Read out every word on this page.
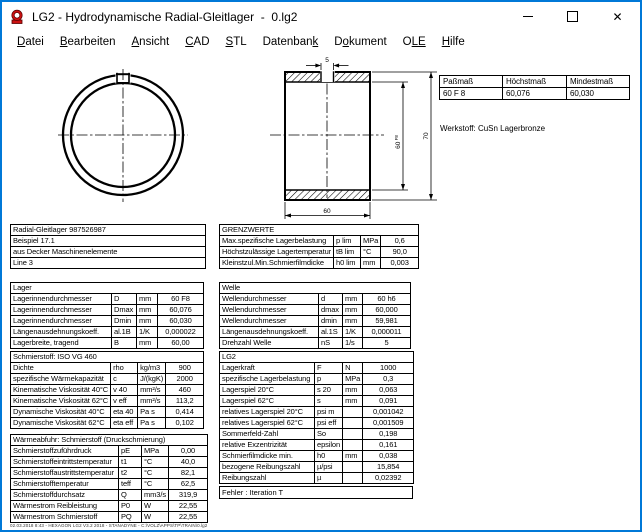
LG2 - Hydrodynamische Radial-Gleitlager  -  0.lg2	✕
Datei	Bearbeiten	Ansicht	CAD	STL	Datenbank	Dokument	OLE	Hilfe
5
60 $^{F8}$	70
60
Paßmaß	Höchstmaß	Mindestmaß
60 F 8	60,076	60,030
Werkstoff: CuSn Lagerbronze
Radial-Gleitlager 987526987
Beispiel 17.1
aus Decker Maschinenelemente
Line 3
GRENZWERTE			
Max.spezifische Lagerbelastung	p lim	MPa	0,6
Höchstzulässige Lagertemperatur	tB lim	°C	90,0
Kleinstzul.Min.Schmierfilmdicke	h0 lim	mm	0,003
Lager			
Lagerinnendurchmesser	D	mm	60 F8
Lagerinnendurchmesser	Dmax	mm	60,076
Lagerinnendurchmesser	Dmin	mm	60,030
Längenausdehnungskoeff.	al.1B	1/K	0,000022
Lagerbreite, tragend	B	mm	60,00
Welle			
Wellendurchmesser	d	mm	60 h6
Wellendurchmesser	dmax	mm	60,000
Wellendurchmesser	dmin	mm	59,981
Längenausdehnungskoeff.	al.1S	1/K	0,000011
Drehzahl Welle	nS	1/s	5
Schmierstoff: ISO VG 460			
Dichte	rho	kg/m3	900
spezifische Wärmekapazität	c	J/(kgK)	2000
Kinematische Viskosität 40°C	v 40	mm²/s	460
Kinematische Viskosität 62°C	v eff	mm²/s	113,2
Dynamische Viskosität 40°C	eta 40	Pa s	0,414
Dynamische Viskosität 62°C	eta eff	Pa s	0,102
LG2			
Lagerkraft	F	N	1000
spezifische Lagerbelastung	p	MPa	0,3
Lagerspiel 20°C	s 20	mm	0,063
Lagerspiel 62°C	s	mm	0,091
relatives Lagerspiel 20°C	psi m		0,001042
relatives Lagerspiel 62°C	psi eff		0,001509
Sommerfeld-Zahl	So		0,198
relative Exzentrizität	epsilon		0,161
Schmierfilmdicke min.	h0	mm	0,038
bezogene Reibungszahl	µ/psi		15,854
Reibungszahl	µ		0,02392
Wärmeabfuhr: Schmierstoff (Druckschmierung)			
Schmierstoffzuführdruck	pE	MPa	0,00
Schmierstoffeintrittstemperatur	t1	°C	40,0
Schmierstoffaustrittstemperatur	t2	°C	82,1
Schmierstofftemperatur	teff	°C	62,5
Schmierstoffdurchsatz	Q	mm3/s	319,9
Wärmestrom Reibleistung	P0	W	22,55
Wärmestrom Schmierstoff	PQ	W	22,55
Fehler : Iteration T
02.03.2018 8:43 - HEXAGON LG2 V3.2 2018 - STANADYNE - C:\VOLZ\APPS\TP\TRAIN\0.lg2
